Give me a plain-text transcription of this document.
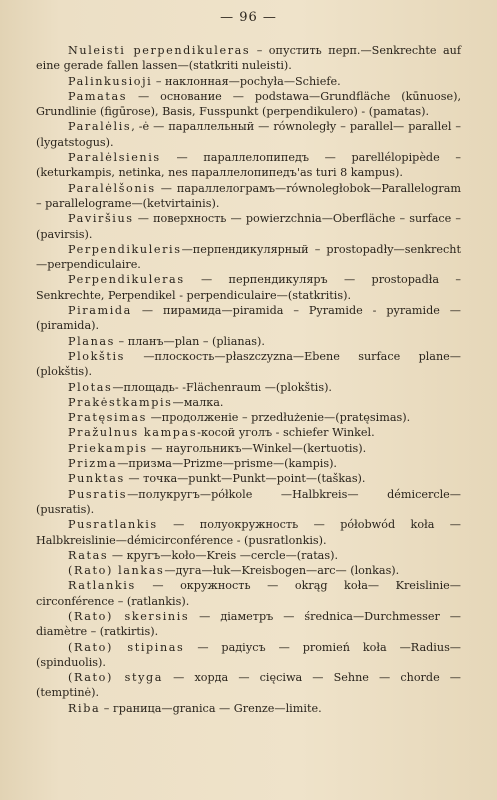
— 96 —

Nuleisti perpendikuleras – опустить перп.—Senkrechte auf eine gerade fallen lassen—(statkriti nuleisti).

Palinkusioji – наклонная—pochyła—Schiefe.

Pamatas — основание — podstawa—Grundfläche (kūnuose), Grundlinie (figūrose), Basis, Fusspunkt (perpendikulero) - (pamatas).

Paralėlis, -ė — параллельный — równoległy – parallel— parallel – (lygatstogus).

Paralėlsienis — параллелопипедъ — parellélopipède – (keturkampis, netinka, nes параллелопипедъ'as turi 8 kampus).

Paralėlšonis — параллелограмъ—równoległobok—Parallelogram – parallelograme—(ketvirtainis).

Paviršius — поверхность — powierzchnia—Oberfläche – surface – (pavirsis).

Perpendikuleris—перпендикулярный – prostopadły—senkrecht—perpendiculaire.

Perpendikuleras — перпендикуляръ — prostopadła – Senkrechte, Perpendikel - perpendiculaire—(statkritis).

Piramida — пирамида—piramida – Pyramide - pyramide — (piramida).

Planas – планъ—plan – (plianas).

Plokštis —плоскость—płaszczyzna—Ebene surface plane—(plokštis).

Plotas—площадь- -Flächenraum —(plokštis).

Prakėstkampis—малка.

Pratęsimas —продолженіе – przedłużenie—(pratęsimas).

Pražulnus kampas-косой уголъ - schiefer Winkel.

Priekampis — наугольникъ—Winkel—(kertuotis).

Prizma—призма—Prizme—prisme—(kampis).

Punktas — точка—punkt—Punkt—point—(taškas).

Pusratis—полукругъ—półkole —Halbkreis— démicercle— (pusratis).

Pusratlankis — полуокружность — półobwód koła — Halbkreislinie—démicirconférence - (pusratlonkis).

Ratas — кругъ—koło—Kreis —cercle—(ratas).

(Rato) lankas—дуга—łuk—Kreisbogen—arc— (lonkas).

Ratlankis — окружность — okrąg koła— Kreislinie—circonférence – (ratlankis).

(Rato) skersinis — діаметръ — średnica—Durchmesser — diamètre – (ratkirtis).

(Rato) stipinas — радіусъ — promień koła —Radius— (spinduolis).

(Rato) styga — хорда — cięciwa — Sehne — chorde — (temptinė).

Riba – граница—granica — Grenze—limite.
